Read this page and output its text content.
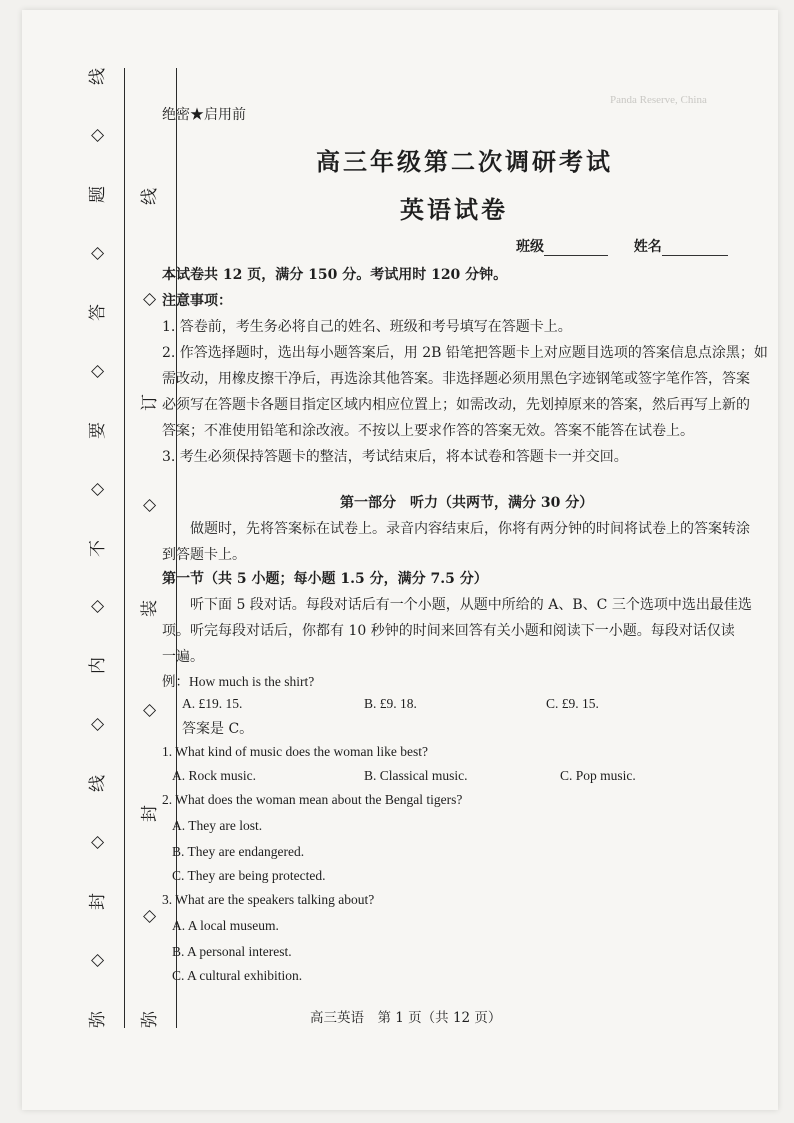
Panda Reserve, China
线
◇
题
◇
答
◇
要
◇
不
◇
内
◇
线
◇
封
◇
弥
线
◇
订
◇
装
◇
封
◇
弥
绝密★启用前
高三年级第二次调研考试
英语试卷
班级	姓名
本试卷共 12 页，满分 150 分。考试用时 120 分钟。
注意事项：
1. 答卷前，考生务必将自己的姓名、班级和考号填写在答题卡上。
2. 作答选择题时，选出每小题答案后，用 2B 铅笔把答题卡上对应题目选项的答案信息点涂黑；如
需改动，用橡皮擦干净后，再选涂其他答案。非选择题必须用黑色字迹钢笔或签字笔作答，答案
必须写在答题卡各题目指定区域内相应位置上；如需改动，先划掉原来的答案，然后再写上新的
答案；不准使用铅笔和涂改液。不按以上要求作答的答案无效。答案不能答在试卷上。
3. 考生必须保持答题卡的整洁，考试结束后，将本试卷和答题卡一并交回。
第一部分　听力（共两节，满分 30 分）
　　做题时，先将答案标在试卷上。录音内容结束后，你将有两分钟的时间将试卷上的答案转涂
到答题卡上。
第一节（共 5 小题；每小题 1.5 分，满分 7.5 分）
　　听下面 5 段对话。每段对话后有一个小题，从题中所给的 A、B、C 三个选项中选出最佳选
项。听完每段对话后，你都有 10 秒钟的时间来回答有关小题和阅读下一小题。每段对话仅读
一遍。
例：How much is the shirt?
A. £19. 15.	B. £9. 18.	C. £9. 15.
答案是 C。
1. What kind of music does the woman like best?
A. Rock music.	B. Classical music.	C. Pop music.
2. What does the woman mean about the Bengal tigers?
A. They are lost.
B. They are endangered.
C. They are being protected.
3. What are the speakers talking about?
A. A local museum.
B. A personal interest.
C. A cultural exhibition.
高三英语　第 1 页（共 12 页）
